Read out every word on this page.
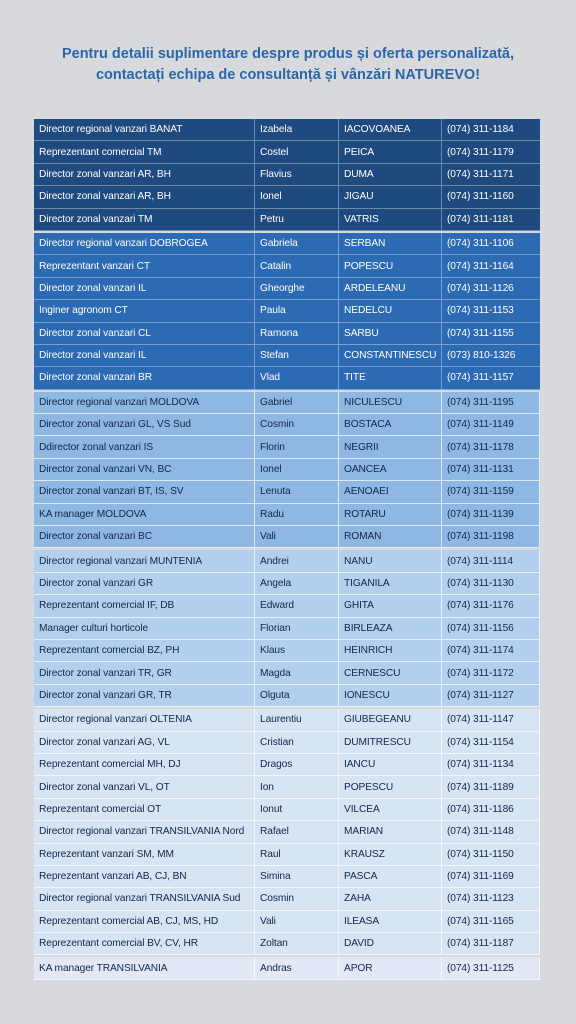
Pentru detalii suplimentare despre produs și oferta personalizată,
contactați echipa de consultanță și vânzări NATUREVO!
Director regional vanzari BANAT	Izabela	IACOVOANEA	(074) 311-1184
Reprezentant comercial TM	Costel	PEICA	(074) 311-1179
Director zonal vanzari AR, BH	Flavius	DUMA	(074) 311-1171
Director zonal vanzari AR, BH	Ionel	JIGAU	(074) 311-1160
Director zonal vanzari TM	Petru	VATRIS	(074) 311-1181
Director regional vanzari DOBROGEA	Gabriela	SERBAN	(074) 311-1106
Reprezentant vanzari CT	Catalin	POPESCU	(074) 311-1164
Director zonal vanzari IL	Gheorghe	ARDELEANU	(074) 311-1126
Inginer agronom CT	Paula	NEDELCU	(074) 311-1153
Director zonal vanzari CL	Ramona	SARBU	(074) 311-1155
Director zonal vanzari IL	Stefan	CONSTANTINESCU	(073) 810-1326
Director zonal vanzari BR	Vlad	TITE	(074) 311-1157
Director regional vanzari MOLDOVA	Gabriel	NICULESCU	(074) 311-1195
Director zonal vanzari GL, VS Sud	Cosmin	BOSTACA	(074) 311-1149
Ddirector zonal vanzari IS	Florin	NEGRII	(074) 311-1178
Director zonal vanzari VN, BC	Ionel	OANCEA	(074) 311-1131
Director zonal vanzari BT, IS, SV	Lenuta	AENOAEI	(074) 311-1159
KA manager MOLDOVA	Radu	ROTARU	(074) 311-1139
Director zonal vanzari BC	Vali	ROMAN	(074) 311-1198
Director regional vanzari MUNTENIA	Andrei	NANU	(074) 311-1114
Director zonal vanzari GR	Angela	TIGANILA	(074) 311-1130
Reprezentant comercial IF, DB	Edward	GHITA	(074) 311-1176
Manager culturi horticole	Florian	BIRLEAZA	(074) 311-1156
Reprezentant comercial BZ, PH	Klaus	HEINRICH	(074) 311-1174
Director zonal vanzari TR, GR	Magda	CERNESCU	(074) 311-1172
Director zonal vanzari GR, TR	Olguta	IONESCU	(074) 311-1127
Director regional vanzari OLTENIA	Laurentiu	GIUBEGEANU	(074) 311-1147
Director zonal vanzari AG, VL	Cristian	DUMITRESCU	(074) 311-1154
Reprezentant comercial MH, DJ	Dragos	IANCU	(074) 311-1134
Director zonal vanzari VL, OT	Ion	POPESCU	(074) 311-1189
Reprezentant comercial OT	Ionut	VILCEA	(074) 311-1186
Director regional vanzari TRANSILVANIA Nord	Rafael	MARIAN	(074) 311-1148
Reprezentant vanzari SM, MM	Raul	KRAUSZ	(074) 311-1150
Reprezentant vanzari AB, CJ, BN	Simina	PASCA	(074) 311-1169
Director regional vanzari TRANSILVANIA Sud	Cosmin	ZAHA	(074) 311-1123
Reprezentant comercial AB, CJ, MS, HD	Vali	ILEASA	(074) 311-1165
Reprezentant comercial BV, CV, HR	Zoltan	DAVID	(074) 311-1187
KA manager TRANSILVANIA	Andras	APOR	(074) 311-1125
